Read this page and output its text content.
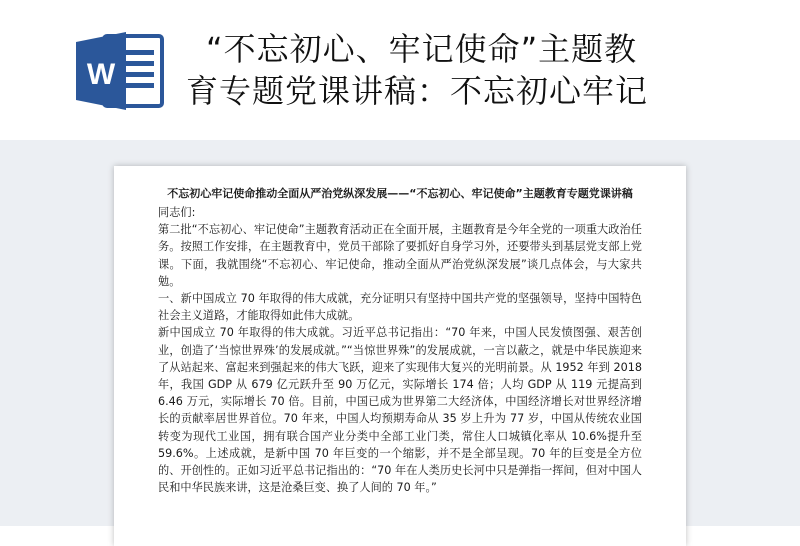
W
“不忘初心、牢记使命”主题教
育专题党课讲稿：不忘初心牢记
不忘初心牢记使命推动全面从严治党纵深发展——“不忘初心、牢记使命”主题教育专题党课讲稿

同志们:

第二批“不忘初心、牢记使命”主题教育活动正在全面开展，主题教育是今年全党的一项重大政治任务。按照工作安排，在主题教育中，党员干部除了要抓好自身学习外，还要带头到基层党支部上党课。下面，我就围绕“不忘初心、牢记使命，推动全面从严治党纵深发展”谈几点体会，与大家共勉。

一、新中国成立 70 年取得的伟大成就，充分证明只有坚持中国共产党的坚强领导，坚持中国特色社会主义道路，才能取得如此伟大成就。

新中国成立 70 年取得的伟大成就。习近平总书记指出：“70 年来，中国人民发愤图强、艰苦创业，创造了‘当惊世界殊’的发展成就。”“当惊世界殊”的发展成就，一言以蔽之，就是中华民族迎来了从站起来、富起来到强起来的伟大飞跃，迎来了实现伟大复兴的光明前景。从 1952 年到 2018 年，我国 GDP 从 679 亿元跃升至 90 万亿元，实际增长 174 倍；人均 GDP 从 119 元提高到 6.46 万元，实际增长 70 倍。目前，中国已成为世界第二大经济体，中国经济增长对世界经济增长的贡献率居世界首位。70 年来，中国人均预期寿命从 35 岁上升为 77 岁，中国从传统农业国转变为现代工业国，拥有联合国产业分类中全部工业门类，常住人口城镇化率从 10.6%提升至 59.6%。上述成就，是新中国 70 年巨变的一个缩影，并不是全部呈现。70 年的巨变是全方位的、开创性的。正如习近平总书记指出的：“70 年在人类历史长河中只是弹指一挥间，但对中国人民和中华民族来讲，这是沧桑巨变、换了人间的 70 年。”
